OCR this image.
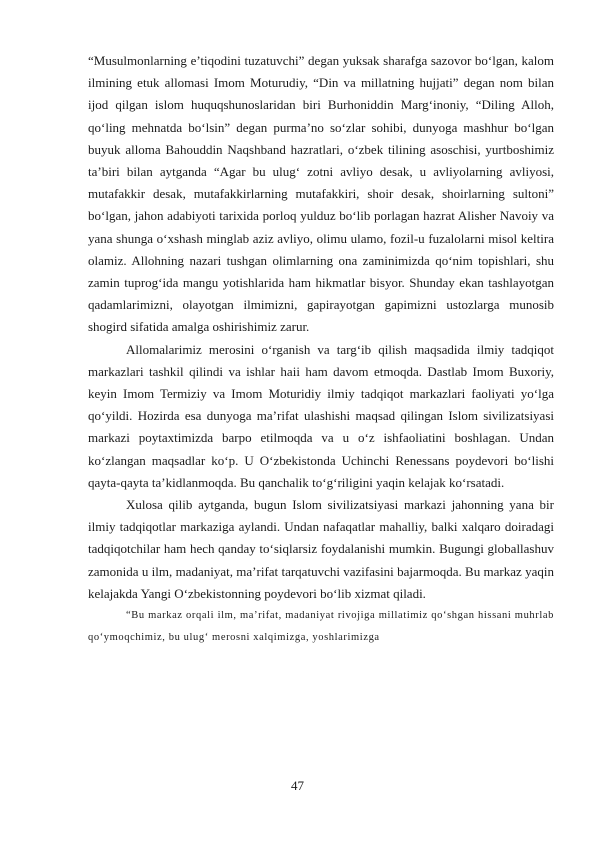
“Musulmonlarning e’tiqodini tuzatuvchi” degan yuksak sharafga sazovor bo‘lgan, kalom ilmining etuk allomasi Imom Moturudiy, “Din va millatning hujjati” degan nom bilan ijod qilgan islom huquqshunoslaridan biri Burhoniddin Marg‘inoniy, “Diling Alloh, qo‘ling mehnatda bo‘lsin” degan purma’no so‘zlar sohibi, dunyoga mashhur bo‘lgan buyuk alloma Bahouddin Naqshband hazratlari, o‘zbek tilining asoschisi, yurtboshimiz ta’biri bilan aytganda “Agar bu ulug‘ zotni avliyo desak, u avliyolarning avliyosi, mutafakkir desak, mutafakkirlarning mutafakkiri, shoir desak, shoirlarning sultoni” bo‘lgan, jahon adabiyoti tarixida porloq yulduz bo‘lib porlagan hazrat Alisher Navoiy va yana shunga o‘xshash minglab aziz avliyo, olimu ulamo, fozil-u fuzalolarni misol keltira olamiz. Allohning nazari tushgan olimlarning ona zaminimizda qo‘nim topishlari, shu zamin tuprog‘ida mangu yotishlarida ham hikmatlar bisyor. Shunday ekan tashlayotgan qadamlarimizni, olayotgan ilmimizni, gapirayotgan gapimizni ustozlarga munosib shogird sifatida amalga oshirishimiz zarur.

Allomalarimiz merosini o‘rganish va targ‘ib qilish maqsadida ilmiy tadqiqot markazlari tashkil qilindi va ishlar haii ham davom etmoqda. Dastlab Imom Buxoriy, keyin Imom Termiziy va Imom Moturidiy ilmiy tadqiqot markazlari faoliyati yo‘lga qo‘yildi. Hozirda esa dunyoga ma’rifat ulashishi maqsad qilingan Islom sivilizatsiyasi markazi poytaxtimizda barpo etilmoqda va u o‘z ishfaoliatini boshlagan. Undan ko‘zlangan maqsadlar ko‘p. U O‘zbekistonda Uchinchi Renessans poydevori bo‘lishi qayta-qayta ta’kidlanmoqda. Bu qanchalik to‘g‘riligini yaqin kelajak ko‘rsatadi.

Xulosa qilib aytganda, bugun Islom sivilizatsiyasi markazi jahonning yana bir ilmiy tadqiqotlar markaziga aylandi. Undan nafaqatlar mahalliy, balki xalqaro doiradagi tadqiqotchilar ham hech qanday to‘siqlarsiz foydalanishi mumkin. Bugungi globallashuv zamonida u ilm, madaniyat, ma’rifat tarqatuvchi vazifasini bajarmoqda. Bu markaz yaqin kelajakda Yangi O‘zbekistonning poydevori bo‘lib xizmat qiladi.

“Bu markaz orqali ilm, ma’rifat, madaniyat rivojiga millatimiz qo‘shgan hissani muhrlab qo‘ymoqchimiz, bu ulug‘ merosni xalqimizga, yoshlarimizga

47
